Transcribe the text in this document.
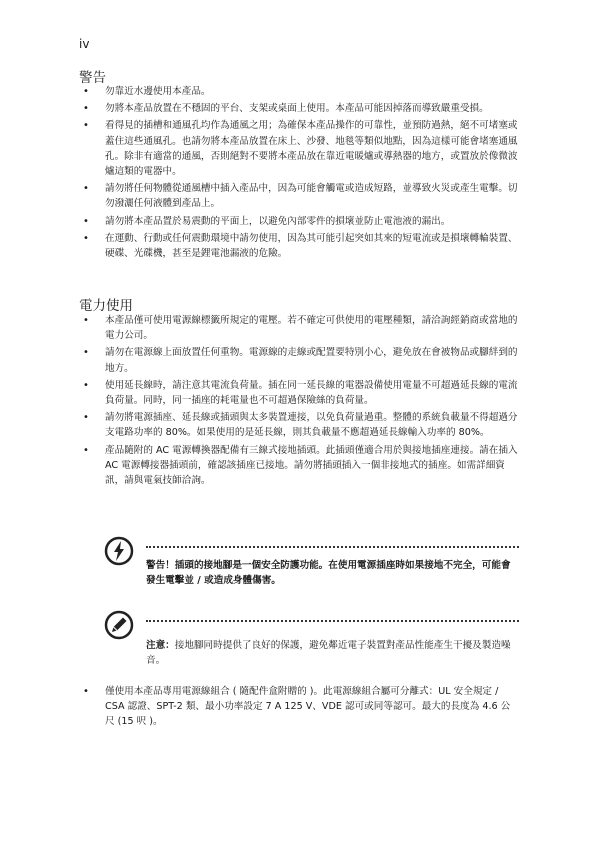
iv
警告
• 勿靠近水邊使用本產品。
• 勿將本產品放置在不穩固的平台、支架或桌面上使用。本產品可能因掉落而導致嚴重受損。
• 看得見的插槽和通風孔均作為通風之用；為確保本產品操作的可靠性，並預防過熱，絕不可堵塞或蓋住這些通風孔。也請勿將本產品放置在床上、沙發、地毯等類似地點，因為這樣可能會堵塞通風孔。除非有適當的通風，否則絕對不要將本產品放在靠近電暖爐或導熱器的地方，或置放於像微波爐這類的電器中。
• 請勿將任何物體從通風槽中插入產品中，因為可能會觸電或造成短路，並導致火災或產生電擊。切勿潑灑任何液體到產品上。
• 請勿將本產品置於易震動的平面上，以避免內部零件的損壞並防止電池液的漏出。
• 在運動、行動或任何震動環境中請勿使用，因為其可能引起突如其來的短電流或是損壞轉輪裝置、硬碟、光碟機，甚至是鋰電池漏液的危險。
電力使用
• 本產品僅可使用電源線標籤所規定的電壓。若不確定可供使用的電壓種類，請洽詢經銷商或當地的電力公司。
• 請勿在電源線上面放置任何重物。電源線的走線或配置要特別小心，避免放在會被物品或腳絆到的地方。
• 使用延長線時，請注意其電流負荷量。插在同一延長線的電器設備使用電量不可超過延長線的電流負荷量。同時，同一插座的耗電量也不可超過保險絲的負荷量。
• 請勿將電源插座、延長線或插頭與太多裝置連接，以免負荷量過重。整體的系統負載量不得超過分支電路功率的 80%。如果使用的是延長線，則其負載量不應超過延長線輸入功率的 80%。
• 產品隨附的 AC 電源轉換器配備有三線式接地插頭。此插頭僅適合用於與接地插座連接。請在插入 AC 電源轉接器插頭前，確認該插座已接地。請勿將插頭插入一個非接地式的插座。如需詳細資訊，請與電氣技師洽詢。
警告！插頭的接地腳是一個安全防護功能。在使用電源插座時如果接地不完全，可能會發生電擊並 / 或造成身體傷害。
注意：接地腳同時提供了良好的保護，避免鄰近電子裝置對產品性能產生干擾及製造噪音。
• 僅使用本產品專用電源線組合 ( 隨配件盒附贈的 )。此電源線組合屬可分離式：UL 安全規定 / CSA 認證、SPT-2 類、最小功率設定 7 A 125 V、VDE 認可或同等認可。最大的長度為 4.6 公尺 (15 呎 )。
